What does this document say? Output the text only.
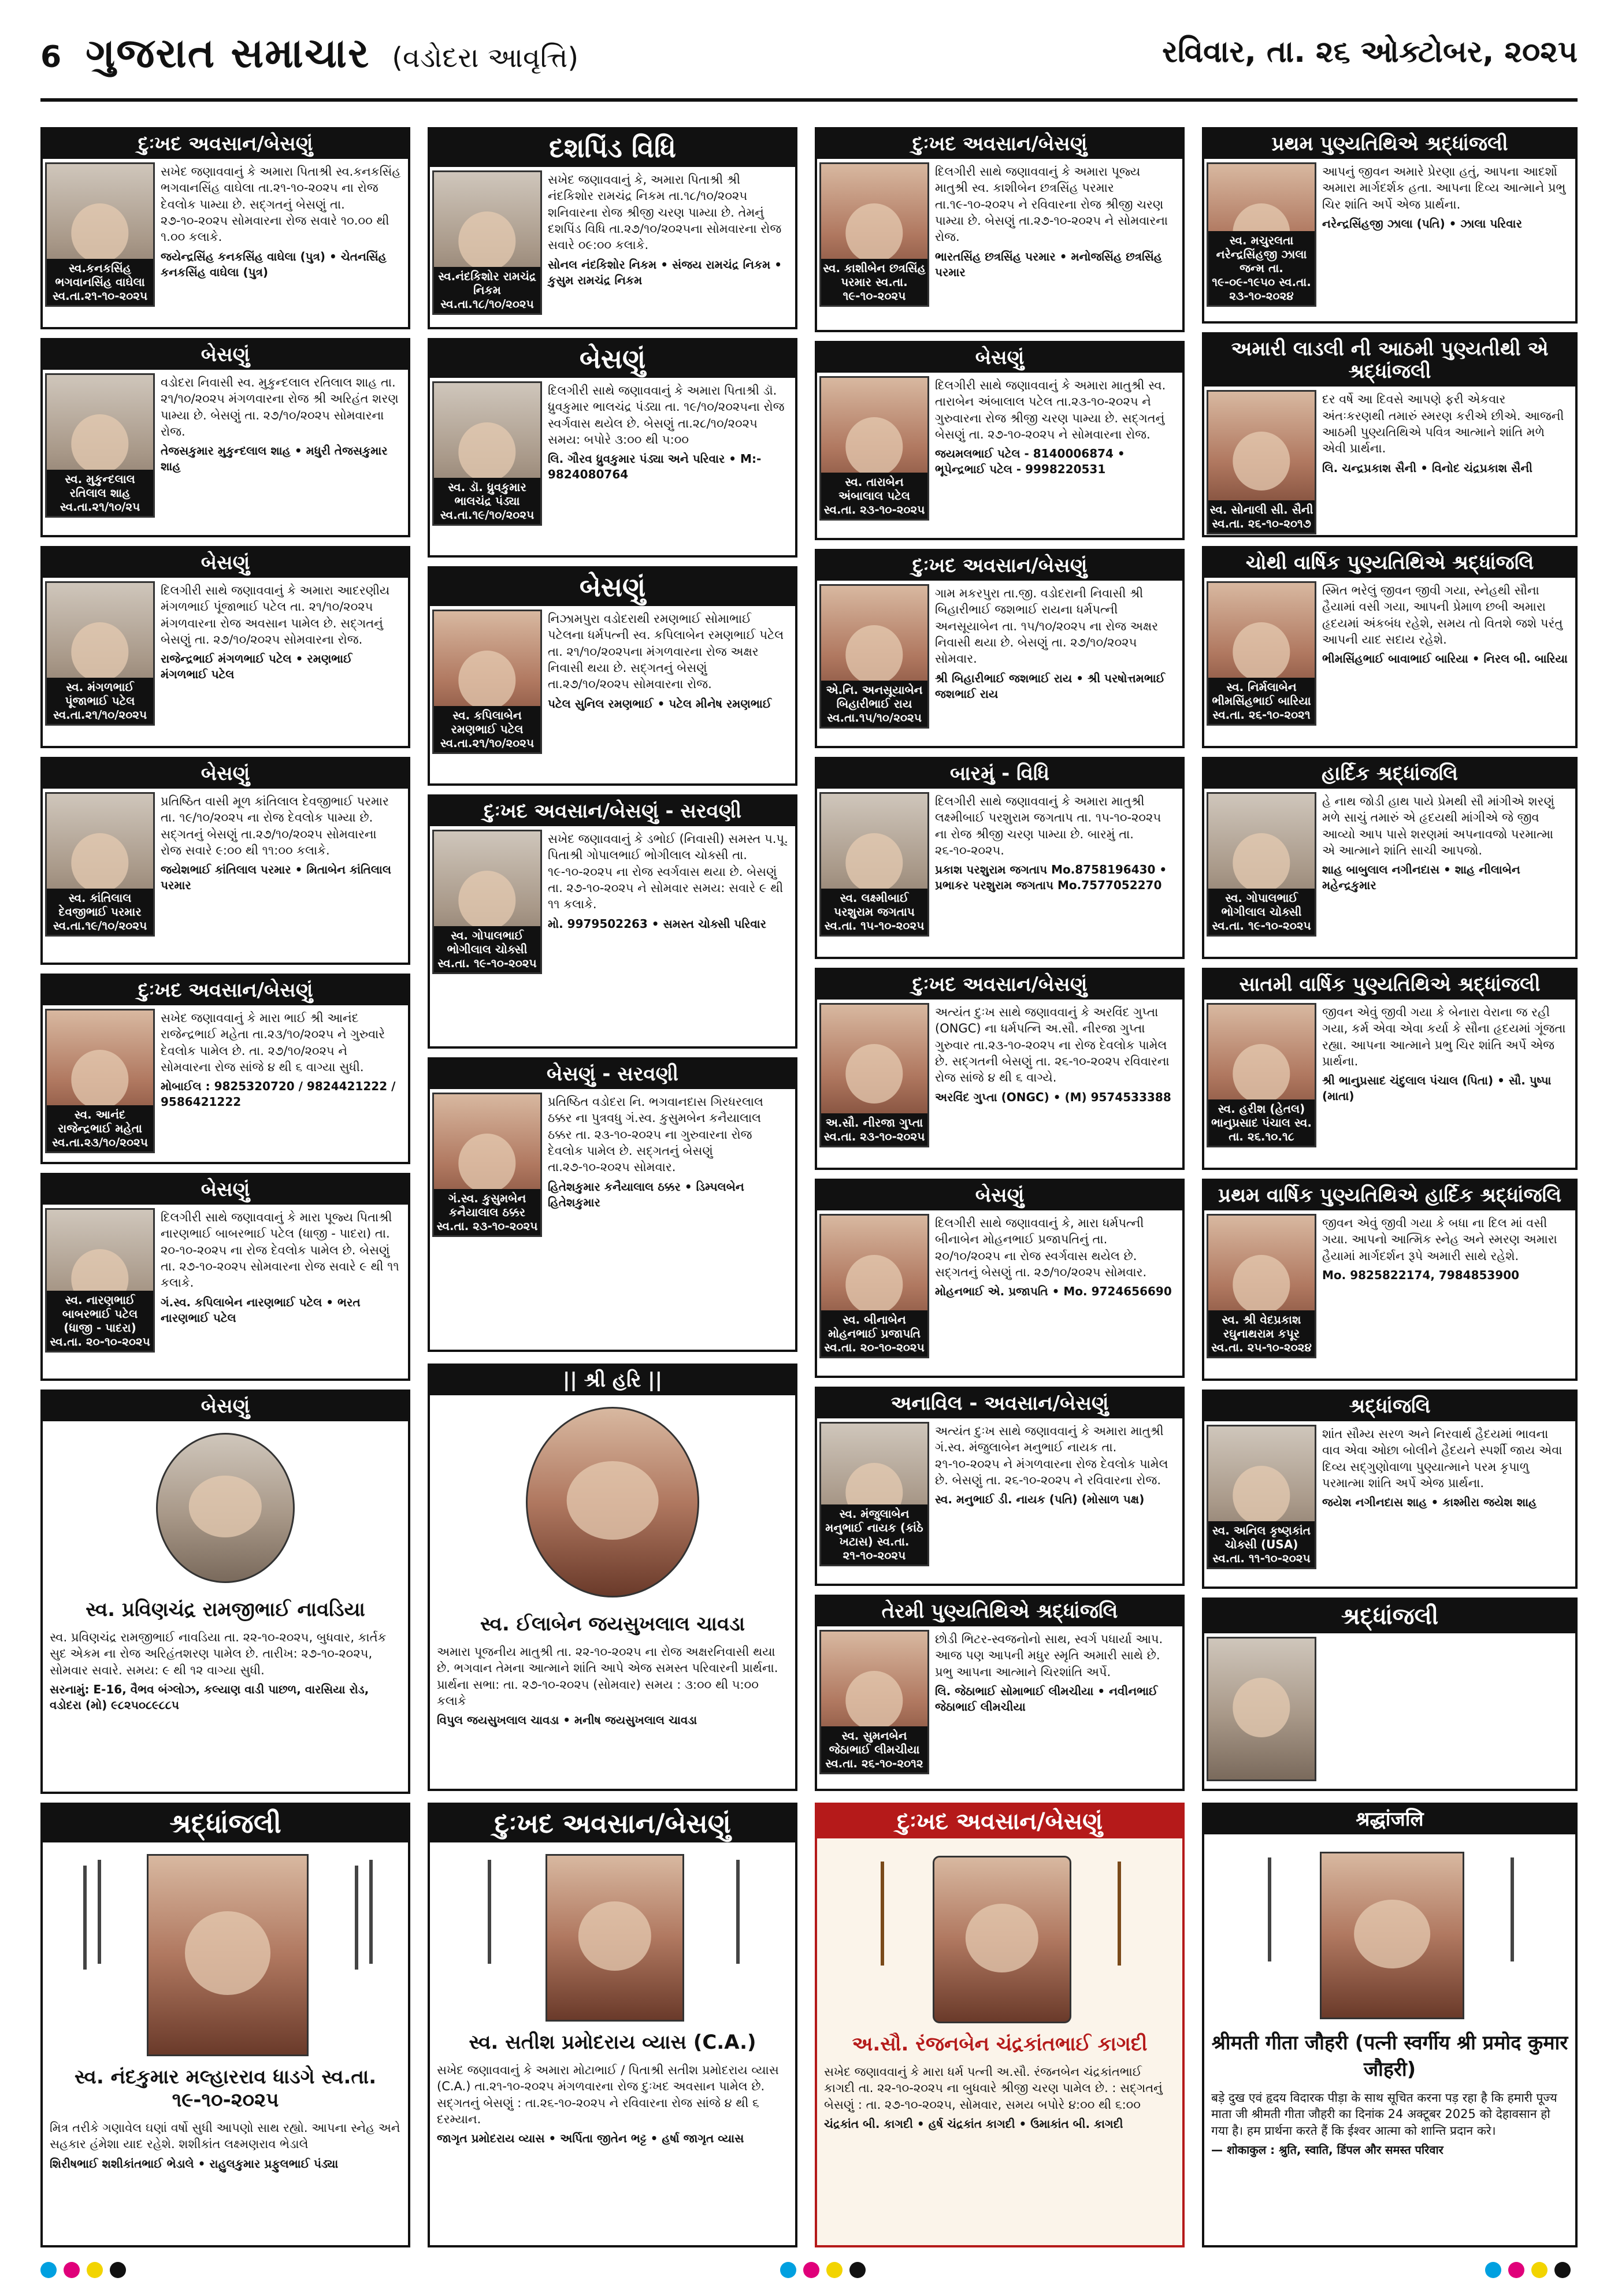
6 ગુજરાત સમાચાર (વડોદરા આવૃત્તિ)	રવિવાર, તા. ૨૬ ઓક્ટોબર, ૨૦૨૫
દુઃખદ અવસાન/બેસણું
સ્વ.કનકસિંહ ભગવાનસિંહ વાઘેલા સ્વ.તા.૨૧-૧૦-૨૦૨૫
સખેદ જણાવવાનું કે અમારા પિતાશ્રી સ્વ.કનકસિંહ ભગવાનસિંહ વાઘેલા તા.૨૧-૧૦-૨૦૨૫ ના રોજ દેવલોક પામ્યા છે. સદ્ગતનું બેસણું તા. ૨૭-૧૦-૨૦૨૫ સોમવારના રોજ સવારે ૧૦.૦૦ થી ૧.૦૦ કલાકે.
જયેન્દ્રસિંહ કનકસિંહ વાઘેલા (પુત્ર) • ચેતનસિંહ કનકસિંહ વાઘેલા (પુત્ર)
બેસણું
સ્વ. મુકુન્દલાલ રતિલાલ શાહ સ્વ.તા.૨૧/૧૦/૨૫
વડોદરા નિવાસી સ્વ. મુકુન્દલાલ રતિલાલ શાહ તા. ૨૧/૧૦/૨૦૨૫ મંગળવારના રોજ શ્રી અરિહંત શરણ પામ્યા છે. બેસણું તા. ૨૭/૧૦/૨૦૨૫ સોમવારના રોજ.
તેજસકુમાર મુકુન્દલાલ શાહ • મધુરી તેજસકુમાર શાહ
બેસણું
સ્વ. મંગળભાઈ પૂંજાભાઈ પટેલ સ્વ.તા.૨૧/૧૦/૨૦૨૫
દિલગીરી સાથે જણાવવાનું કે અમારા આદરણીય મંગળભાઈ પૂંજાભાઈ પટેલ તા. ૨૧/૧૦/૨૦૨૫ મંગળવારના રોજ અવસાન પામેલ છે. સદ્ગતનું બેસણું તા. ૨૭/૧૦/૨૦૨૫ સોમવારના રોજ.
રાજેન્દ્રભાઈ મંગળભાઈ પટેલ • રમણભાઈ મંગળભાઈ પટેલ
બેસણું
સ્વ. કાંતિલાલ દેવજીભાઈ પરમાર સ્વ.તા.૧૯/૧૦/૨૦૨૫
પ્રતિષ્ઠિત વાસી મૂળ કાંતિલાલ દેવજીભાઈ પરમાર તા. ૧૯/૧૦/૨૦૨૫ ના રોજ દેવલોક પામ્યા છે. સદ્ગતનું બેસણું તા.૨૭/૧૦/૨૦૨૫ સોમવારના રોજ સવારે ૯:૦૦ થી ૧૧:૦૦ કલાકે.
જયેશભાઈ કાંતિલાલ પરમાર • મિતાબેન કાંતિલાલ પરમાર
દુઃખદ અવસાન/બેસણું
સ્વ. આનંદ રાજેન્દ્રભાઈ મહેતા સ્વ.તા.૨૩/૧૦/૨૦૨૫
સખેદ જણાવવાનું કે મારા ભાઈ શ્રી આનંદ રાજેન્દ્રભાઈ મહેતા તા.૨૩/૧૦/૨૦૨૫ ને ગુરુવારે દેવલોક પામેલ છે. તા. ૨૭/૧૦/૨૦૨૫ ને સોમવારના રોજ સાંજે ૪ થી ૬ વાગ્યા સુધી.
મોબાઈલ : 9825320720 / 9824421222 / 9586421222
બેસણું
સ્વ. નારણભાઈ બાબરભાઈ પટેલ (ધાજી - પાદરા) સ્વ.તા. ૨૦-૧૦-૨૦૨૫
દિલગીરી સાથે જણાવવાનું કે મારા પૂજ્ય પિતાશ્રી નારણભાઈ બાબરભાઈ પટેલ (ધાજી - પાદરા) તા. ૨૦-૧૦-૨૦૨૫ ના રોજ દેવલોક પામેલ છે. બેસણું તા. ૨૭-૧૦-૨૦૨૫ સોમવારના રોજ સવારે ૯ થી ૧૧ કલાકે.
ગં.સ્વ. કપિલાબેન નારણભાઈ પટેલ • ભરત નારણભાઈ પટેલ
બેસણું
સ્વ. પ્રવિણચંદ્ર રામજીભાઈ નાવડિયા
સ્વ. પ્રવિણચંદ્ર રામજીભાઈ નાવડિયા તા. ૨૨-૧૦-૨૦૨૫, બુધવાર, કાર્તક સુદ એકમ ના રોજ અરિહંતશરણ પામેલ છે. તારીખ: ૨૭-૧૦-૨૦૨૫, સોમવાર સવારે. સમય: ૯ થી ૧૨ વાગ્યા સુધી.
સરનામું: E-16, વૈભવ બંગ્લોઝ, કલ્યાણ વાડી પાછળ, વારસિયા રોડ, વડોદરા (મો) ૯૮૨૫૦૮૯૮૮૫
શ્રદ્ધાંજલી
સ્વ. નંદકુમાર મલ્હારરાવ ધાડગે સ્વ.તા. ૧૯-૧૦-૨૦૨૫
મિત્ર તરીકે ગણાવેલ ઘણાં વર્ષો સુધી આપણો સાથ રહ્યો. આપના સ્નેહ અને સહકાર હંમેશા યાદ રહેશે. શશીકાંત લક્ષ્મણરાવ ભેડાલે
શિરીષભાઈ શશીકાંતભાઈ ભેડાલે • રાહુલકુમાર પ્રફુલભાઈ પંડ્યા
દશપિંડ વિધિ
સ્વ.નંદકિશોર રામચંદ્ર નિકમ સ્વ.તા.૧૮/૧૦/૨૦૨૫
સખેદ જણાવવાનું કે, અમારા પિતાશ્રી શ્રી નંદકિશોર રામચંદ્ર નિકમ તા.૧૮/૧૦/૨૦૨૫ શનિવારના રોજ શ્રીજી ચરણ પામ્યા છે. તેમનું દશપિંડ વિધિ તા.૨૭/૧૦/૨૦૨૫ના સોમવારના રોજ સવારે ૦૯:૦૦ કલાકે.
સોનલ નંદકિશોર નિકમ • સંજય રામચંદ્ર નિકમ • કુસુમ રામચંદ્ર નિકમ
બેસણું
સ્વ. ડૉ. ધ્રુવકુમાર ભાલચંદ્ર પંડ્યા સ્વ.તા.૧૯/૧૦/૨૦૨૫
દિલગીરી સાથે જણાવવાનું કે અમારા પિતાશ્રી ડૉ. ધ્રુવકુમાર ભાલચંદ્ર પંડ્યા તા. ૧૯/૧૦/૨૦૨૫ના રોજ સ્વર્ગવાસ થયેલ છે. બેસણું તા.૨૮/૧૦/૨૦૨૫ સમય: બપોરે ૩:૦૦ થી ૫:૦૦
લિ. ગૌરવ ધ્રુવકુમાર પંડ્યા અને પરિવાર • M:- 9824080764
બેસણું
સ્વ. કપિલાબેન રમણભાઈ પટેલ સ્વ.તા.૨૧/૧૦/૨૦૨૫
નિઝામપુરા વડોદરાથી રમણભાઈ સોમાભાઈ પટેલના ધર્મપત્ની સ્વ. કપિલાબેન રમણભાઈ પટેલ તા. ૨૧/૧૦/૨૦૨૫ના મંગળવારના રોજ અક્ષર નિવાસી થયા છે. સદ્ગતનું બેસણું તા.૨૭/૧૦/૨૦૨૫ સોમવારના રોજ.
પટેલ સુનિલ રમણભાઈ • પટેલ મીનેષ રમણભાઈ
દુઃખદ અવસાન/બેસણું - સરવણી
સ્વ. ગોપાલભાઈ ભોગીલાલ ચોક્સી સ્વ.તા. ૧૯-૧૦-૨૦૨૫
સખેદ જણાવવાનું કે ડભોઈ (નિવાસી) સમસ્ત પ.પૂ. પિતાશ્રી ગોપાલભાઈ ભોગીલાલ ચોક્સી તા. ૧૯-૧૦-૨૦૨૫ ના રોજ સ્વર્ગવાસ થયા છે. બેસણું તા. ૨૭-૧૦-૨૦૨૫ ને સોમવાર સમય: સવારે ૯ થી ૧૧ કલાકે.
મો. 9979502263 • સમસ્ત ચોક્સી પરિવાર
બેસણું - સરવણી
ગં.સ્વ. કુસુમબેન કનૈયાલાલ ઠક્કર સ્વ.તા. ૨૩-૧૦-૨૦૨૫
પ્રતિષ્ઠિત વડોદરા નિ. ભગવાનદાસ ગિરધરલાલ ઠક્કર ના પુત્રવધુ ગં.સ્વ. કુસુમબેન કનૈયાલાલ ઠક્કર તા. ૨૩-૧૦-૨૦૨૫ ના ગુરુવારના રોજ દેવલોક પામેલ છે. સદ્ગતનું બેસણું તા.૨૭-૧૦-૨૦૨૫ સોમવાર.
હિતેશકુમાર કનૈયાલાલ ઠક્કર • ડિમ્પલબેન હિતેશકુમાર
|| શ્રી હરિ ||
સ્વ. ઈલાબેન જયસુખલાલ ચાવડા
અમારા પૂજનીય માતુશ્રી તા. ૨૨-૧૦-૨૦૨૫ ના રોજ અક્ષરનિવાસી થયા છે. ભગવાન તેમના આત્માને શાંતિ આપે એજ સમસ્ત પરિવારની પ્રાર્થના. પ્રાર્થના સભા: તા. ૨૭-૧૦-૨૦૨૫ (સોમવાર) સમય : ૩:૦૦ થી ૫:૦૦ કલાકે
વિપુલ જયસુખલાલ ચાવડા • મનીષ જયસુખલાલ ચાવડા
દુઃખદ અવસાન/બેસણું
સ્વ. સતીશ પ્રમોદરાય વ્યાસ (C.A.)
સખેદ જણાવવાનું કે અમારા મોટાભાઈ / પિતાશ્રી સતીશ પ્રમોદરાય વ્યાસ (C.A.) તા.૨૧-૧૦-૨૦૨૫ મંગળવારના રોજ દુઃખદ અવસાન પામેલ છે. સદ્ગતનું બેસણું : તા.૨૬-૧૦-૨૦૨૫ ને રવિવારના રોજ સાંજે ૪ થી ૬ દરમ્યાન.
જાગૃત પ્રમોદરાય વ્યાસ • અર્પિતા જીતેન ભટ્ટ • હર્ષા જાગૃત વ્યાસ
દુઃખદ અવસાન/બેસણું
સ્વ. કાશીબેન છત્રસિંહ પરમાર સ્વ.તા. ૧૯-૧૦-૨૦૨૫
દિલગીરી સાથે જણાવવાનું કે અમારા પૂજ્ય માતુશ્રી સ્વ. કાશીબેન છત્રસિંહ પરમાર તા.૧૯-૧૦-૨૦૨૫ ને રવિવારના રોજ શ્રીજી ચરણ પામ્યા છે. બેસણું તા.૨૭-૧૦-૨૦૨૫ ને સોમવારના રોજ.
ભારતસિંહ છત્રસિંહ પરમાર • મનોજસિંહ છત્રસિંહ પરમાર
બેસણું
સ્વ. તારાબેન અંબાલાલ પટેલ સ્વ.તા. ૨૩-૧૦-૨૦૨૫
દિલગીરી સાથે જણાવવાનું કે અમારા માતુશ્રી સ્વ. તારાબેન અંબાલાલ પટેલ તા.૨૩-૧૦-૨૦૨૫ ને ગુરુવારના રોજ શ્રીજી ચરણ પામ્યા છે. સદ્ગતનું બેસણું તા. ૨૭-૧૦-૨૦૨૫ ને સોમવારના રોજ.
જયમલભાઈ પટેલ - 8140006874 • ભૂપેન્દ્રભાઈ પટેલ - 9998220531
દુઃખદ અવસાન/બેસણું
એ.નિ. અનસૂયાબેન બિહારીભાઈ રાય સ્વ.તા.૧૫/૧૦/૨૦૨૫
ગામ મકરપુરા તા.જી. વડોદરાની નિવાસી શ્રી બિહારીભાઈ જશભાઈ રાયના ધર્મપત્ની અનસૂયાબેન તા. ૧૫/૧૦/૨૦૨૫ ના રોજ અક્ષર નિવાસી થયા છે. બેસણું તા. ૨૭/૧૦/૨૦૨૫ સોમવાર.
શ્રી બિહારીભાઈ જશભાઈ રાય • શ્રી પરષોત્તમભાઈ જશભાઈ રાય
બારમું - વિધિ
સ્વ. લક્ષ્મીબાઈ પરશુરામ જગતાપ સ્વ.તા. ૧૫-૧૦-૨૦૨૫
દિલગીરી સાથે જણાવવાનું કે અમારા માતુશ્રી લક્ષ્મીબાઈ પરશુરામ જગતાપ તા. ૧૫-૧૦-૨૦૨૫ ના રોજ શ્રીજી ચરણ પામ્યા છે. બારમું તા. ૨૬-૧૦-૨૦૨૫.
પ્રકાશ પરશુરામ જગતાપ Mo.8758196430 • પ્રભાકર પરશુરામ જગતાપ Mo.7577052270
દુઃખદ અવસાન/બેસણું
અ.સૌ. નીરજા ગુપ્તા સ્વ.તા. ૨૩-૧૦-૨૦૨૫
અત્યંત દુઃખ સાથે જણાવવાનું કે અરવિંદ ગુપ્તા (ONGC) ના ધર્મપત્નિ અ.સૌ. નીરજા ગુપ્તા ગુરુવાર તા.૨૩-૧૦-૨૦૨૫ ના રોજ દેવલોક પામેલ છે. સદ્ગતની બેસણું તા. ૨૬-૧૦-૨૦૨૫ રવિવારના રોજ સાંજે ૪ થી ૬ વાગ્યે.
અરવિંદ ગુપ્તા (ONGC) • (M) 9574533388
બેસણું
સ્વ. બીનાબેન મોહનભાઈ પ્રજાપતિ સ્વ.તા. ૨૦-૧૦-૨૦૨૫
દિલગીરી સાથે જણાવવાનું કે, મારા ધર્મપત્ની બીનાબેન મોહનભાઈ પ્રજાપતિનું તા. ૨૦/૧૦/૨૦૨૫ ના રોજ સ્વર્ગવાસ થયેલ છે. સદ્ગતનું બેસણું તા. ૨૭/૧૦/૨૦૨૫ સોમવાર.
મોહનભાઈ એ. પ્રજાપતિ • Mo. 9724656690
અનાવિલ - અવસાન/બેસણું
સ્વ. મંજુલાબેન મનુભાઈ નાયક (કાંઠે ખટાસ) સ્વ.તા. ૨૧-૧૦-૨૦૨૫
અત્યંત દુઃખ સાથે જણાવવાનું કે અમારા માતુશ્રી ગં.સ્વ. મંજુલાબેન મનુભાઈ નાયક તા. ૨૧-૧૦-૨૦૨૫ ને મંગળવારના રોજ દેવલોક પામેલ છે. બેસણું તા. ૨૬-૧૦-૨૦૨૫ ને રવિવારના રોજ.
સ્વ. મનુભાઈ ડી. નાયક (પતિ) (મોસાળ પક્ષ)
તેરમી પુણ્યતિથિએ શ્રદ્ધાંજલિ
સ્વ. સુમનબેન જેઠાભાઈ લીમચીયા સ્વ.તા. ૨૬-૧૦-૨૦૧૨
છોડી ભિટર-સ્વજનોનો સાથ, સ્વર્ગ પધાર્યા આપ. આજ પણ આપની મધુર સ્મૃતિ અમારી સાથે છે. પ્રભુ આપના આત્માને ચિરશાંતિ અર્પે.
લિ. જેઠાભાઈ સોમાભાઈ લીમચીયા • નવીનભાઈ જેઠાભાઈ લીમચીયા
દુઃખદ અવસાન/બેસણું
અ.સૌ. રંજનબેન ચંદ્રકાંતભાઈ કાગદી
સખેદ જણાવવાનું કે મારા ધર્મ પત્ની અ.સૌ. રંજનબેન ચંદ્રકાંતભાઈ કાગદી તા. ૨૨-૧૦-૨૦૨૫ ના બુધવારે શ્રીજી ચરણ પામેલ છે. : સદ્ગતનું બેસણું : તા. ૨૭-૧૦-૨૦૨૫, સોમવાર, સમય બપોરે ૪:૦૦ થી ૬:૦૦
ચંદ્રકાંત બી. કાગદી • હર્ષ ચંદ્રકાંત કાગદી • ઉમાકાંત બી. કાગદી
પ્રથમ પુણ્યતિથિએ શ્રદ્ધાંજલી
સ્વ. મચુરલતા નરેન્દ્રસિંહજી ઝાલા જન્મ તા. ૧૯-૦૯-૧૯૫૦ સ્વ.તા. ૨૩-૧૦-૨૦૨૪
આપનું જીવન અમારે પ્રેરણા હતું, આપના આદર્શો અમારા માર્ગદર્શક હતા. આપના દિવ્ય આત્માને પ્રભુ ચિર શાંતિ અર્પે એજ પ્રાર્થના.
નરેન્દ્રસિંહજી ઝાલા (પતિ) • ઝાલા પરિવાર
અમારી લાડલી ની આઠમી પુણ્યતીથી એ શ્રદ્ધાંજલી
સ્વ. સોનાલી સી. સૈની સ્વ.તા. ૨૬-૧૦-૨૦૧૭
દર વર્ષે આ દિવસે આપણે ફરી એકવાર અંતઃકરણથી તમારું સ્મરણ કરીએ છીએ. આજની આઠમી પુણ્યતિથિએ પવિત્ર આત્માને શાંતિ મળે એવી પ્રાર્થના.
લિ. ચન્દ્રપ્રકાશ સૈની • વિનોદ ચંદ્રપ્રકાશ સૈની
ચોથી વાર્ષિક પુણ્યતિથિએ શ્રદ્ધાંજલિ
સ્વ. નિર્મલાબેન ભીમસિંહભાઈ બારિયા સ્વ.તા. ૨૬-૧૦-૨૦૨૧
સ્મિત ભરેલું જીવન જીવી ગયા, સ્નેહથી સૌના હૈયામાં વસી ગયા, આપની પ્રેમાળ છબી અમારા હૃદયમાં અંકબંધ રહેશે, સમય તો વિતશે જશે પરંતુ આપની યાદ સદાય રહેશે.
ભીમસિંહભાઈ બાવાભાઈ બારિયા • નિરલ બી. બારિયા
હાર્દિક શ્રદ્ધાંજલિ
સ્વ. ગોપાલભાઈ ભોગીલાલ ચોક્સી સ્વ.તા. ૧૯-૧૦-૨૦૨૫
હે નાથ જોડી હાથ પાયે પ્રેમથી સૌ માંગીએ શરણું મળે સાચું તમારું એ હૃદયથી માંગીએ જે જીવ આવ્યો આપ પાસે શરણમાં અપનાવજો પરમાત્મા એ આત્માને શાંતિ સાચી આપજો.
શાહ બાબુલાલ નગીનદાસ • શાહ નીલાબેન મહેન્દ્રકુમાર
સાતમી વાર્ષિક પુણ્યતિથિએ શ્રદ્ધાંજલી
સ્વ. હરીશ (હેતલ) ભાનુપ્રસાદ પંચાલ સ્વ. તા. ૨૬.૧૦.૧૮
જીવન એવું જીવી ગયા કે બેનારા વેરાના જ રહી ગયા, કર્મ એવા એવા કર્યા કે સૌના હૃદયમાં ગૂંજતા રહ્યા. આપના આત્માને પ્રભુ ચિર શાંતિ અર્પે એજ પ્રાર્થના.
શ્રી ભાનુપ્રસાદ ચંદુલાલ પંચાલ (પિતા) • સૌ. પુષ્પા (માતા)
પ્રથમ વાર્ષિક પુણ્યતિથિએ હાર્દિક શ્રદ્ધાંજલિ
સ્વ. શ્રી વેદપ્રકાશ રઘુનાથરામ કપૂર સ્વ.તા. ૨૫-૧૦-૨૦૨૪
જીવન એવું જીવી ગયા કે બધા ના દિલ માં વસી ગયા. આપનો આત્મિક સ્નેહ અને સ્મરણ અમારા હૈયામાં માર્ગદર્શન રૂપે અમારી સાથે રહેશે.
Mo. 9825822174, 7984853900
શ્રદ્ધાંજલિ
સ્વ. અનિલ કૃષ્ણકાંત ચોક્સી (USA) સ્વ.તા. ૧૧-૧૦-૨૦૨૫
શાંત સૌમ્ય સરળ અને નિરવાર્થ હૈદયમાં ભાવના વાવ એવા ઓછા બોલીને હૈદયને સ્પર્શી જાય એવા દિવ્ય સદ્‌ગુણોવાળા પુણ્યાત્માને પરમ કૃપાળુ પરમાત્મા શાંતિ અર્પે એજ પ્રાર્થના.
જયેશ નગીનદાસ શાહ • કાશ્મીરા જયેશ શાહ
શ્રદ્ધાંજલી

श्रद्धांजलि
श्रीमती गीता जौहरी (पत्नी स्वर्गीय श्री प्रमोद कुमार जौहरी)
बड़े दुख एवं हृदय विदारक पीड़ा के साथ सूचित करना पड़ रहा है कि हमारी पूज्य माता जी श्रीमती गीता जौहरी का दिनांक 24 अक्टूबर 2025 को देहावसान हो गया है। हम प्रार्थना करते हैं कि ईश्वर आत्मा को शान्ति प्रदान करे।
— शोकाकुल : श्रुति, स्वाति, डिंपल और समस्त परिवार
